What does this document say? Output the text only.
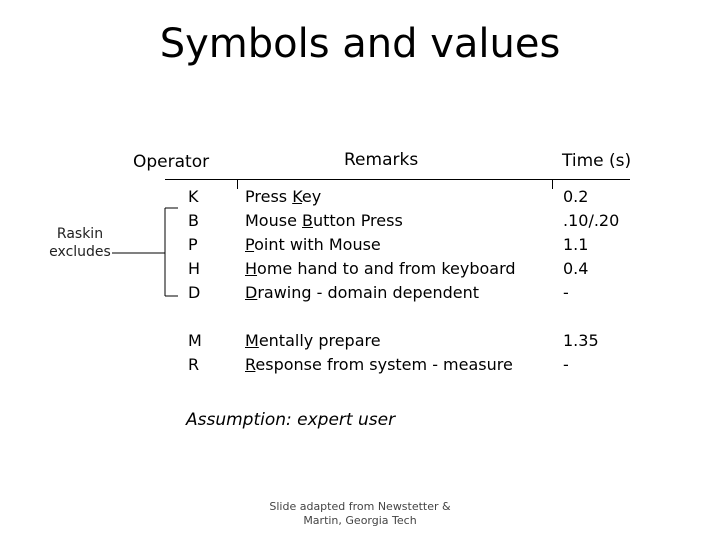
Symbols and values
Operator	Remarks	Time (s)
Raskin excludes
K
B
P
H
D
Press Key
Mouse Button Press
Point with Mouse
Home hand to and from keyboard
Drawing - domain dependent
0.2
.10/.20
1.1
0.4
-
M
R
Mentally prepare
Response from system - measure
1.35
-
Assumption: expert user
Slide adapted from Newstetter & Martin, Georgia Tech
